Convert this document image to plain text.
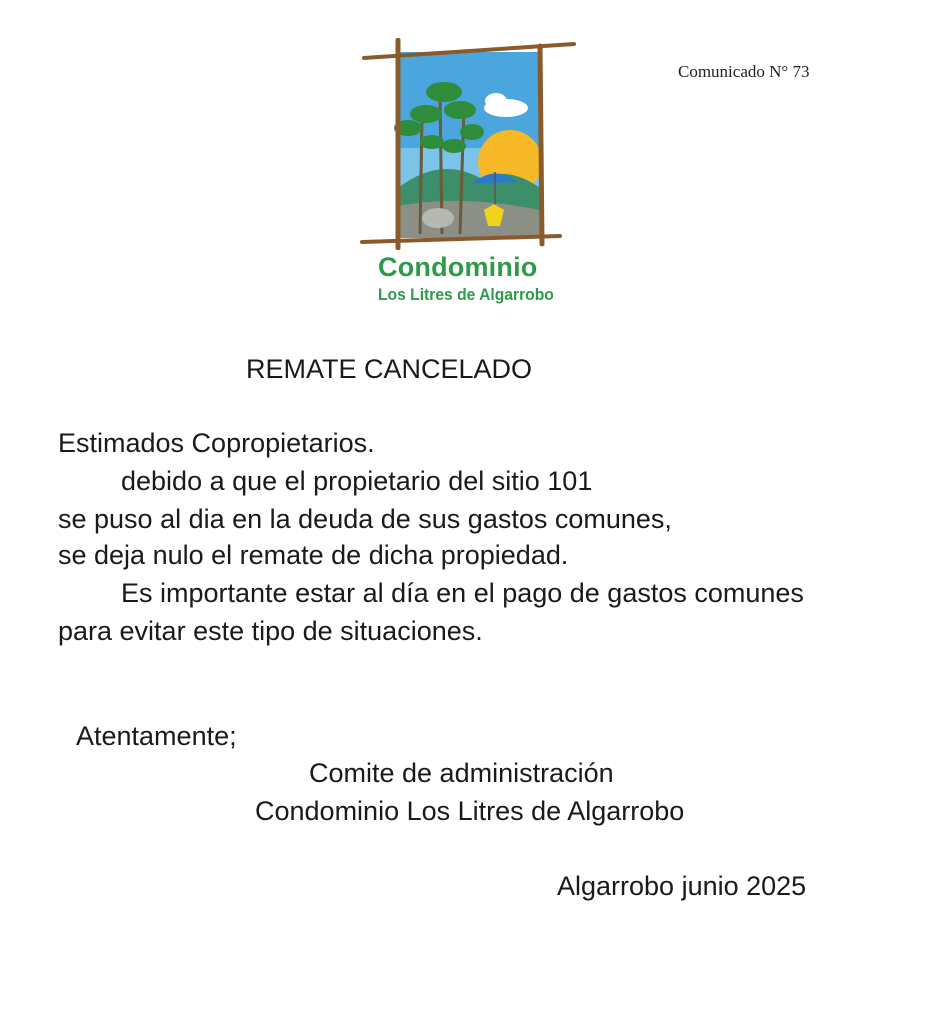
Comunicado N° 73
Condominio
Los Litres de Algarrobo
REMATE CANCELADO
Estimados Copropietarios.
debido a que el propietario del sitio 101
se puso al dia en la deuda de sus gastos comunes,
se deja nulo el remate de dicha propiedad.
Es importante estar al día en el pago de gastos comunes
para evitar este tipo de situaciones.
Atentamente;
Comite de administración
Condominio Los Litres de Algarrobo
Algarrobo junio 2025
